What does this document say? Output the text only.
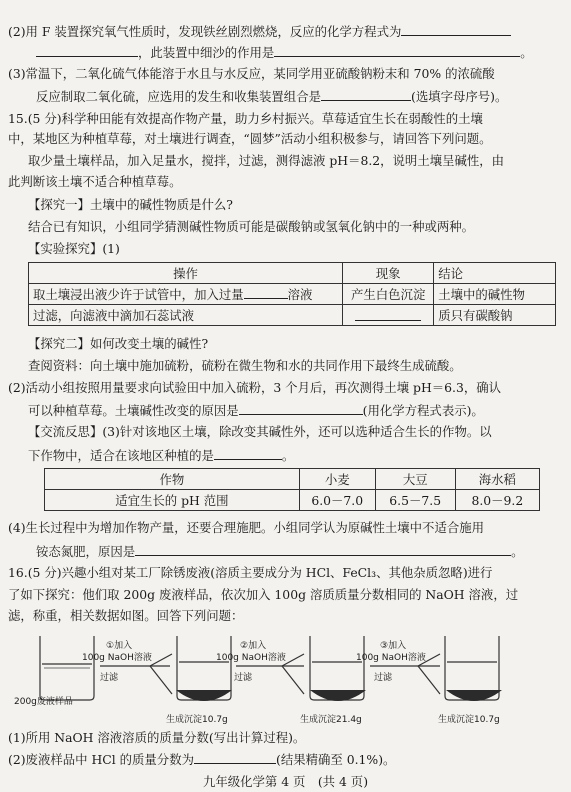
(2)用 F 装置探究氧气性质时，发现铁丝剧烈燃烧，反应的化学方程式为
，此装置中细沙的作用是	。
(3)常温下，二氧化硫气体能溶于水且与水反应，某同学用亚硫酸钠粉末和 70% 的浓硫酸
反应制取二氧化硫，应选用的发生和收集装置组合是	(选填字母序号)。
15.(5 分)科学种田能有效提高作物产量，助力乡村振兴。草莓适宜生长在弱酸性的土壤
中，某地区为种植草莓，对土壤进行调查，“圆梦”活动小组积极参与，请回答下列问题。
取少量土壤样品，加入足量水，搅拌，过滤，测得滤液 pH＝8.2，说明土壤呈碱性，由
此判断该土壤不适合种植草莓。
【探究一】土壤中的碱性物质是什么?
结合已有知识，小组同学猜测碱性物质可能是碳酸钠或氢氧化钠中的一种或两种。
【实验探究】(1)
操作	现象	结论
取土壤浸出液少许于试管中，加入过量 溶液	产生白色沉淀	土壤中的碱性物
过滤，向滤液中滴加石蕊试液		质只有碳酸钠
【探究二】如何改变土壤的碱性?
查阅资料：向土壤中施加硫粉，硫粉在微生物和水的共同作用下最终生成硫酸。
(2)活动小组按照用量要求向试验田中加入硫粉，3 个月后，再次测得土壤 pH＝6.3，确认
可以种植草莓。土壤碱性改变的原因是	(用化学方程式表示)。
【交流反思】(3)针对该地区土壤，除改变其碱性外，还可以选种适合生长的作物。以
下作物中，适合在该地区种植的是	。
作物	小麦	大豆	海水稻
适宜生长的 pH 范围	6.0－7.0	6.5－7.5	8.0－9.2
(4)生长过程中为增加作物产量，还要合理施肥。小组同学认为原碱性土壤中不适合施用
铵态氮肥，原因是	。
16.(5 分)兴趣小组对某工厂除锈废液(溶质主要成分为 HCl、FeCl₃、其他杂质忽略)进行
了如下探究：他们取 200g 废液样品，依次加入 100g 溶质质量分数相同的 NaOH 溶液，过
滤，称重，相关数据如图。回答下列问题：
①加入
100g NaOH溶液
过滤
②加入
100g NaOH溶液
过滤
③加入
100g NaOH溶液
过滤
200g废液样品
生成沉淀10.7g	生成沉淀21.4g	生成沉淀10.7g
(1)所用 NaOH 溶液溶质的质量分数(写出计算过程)。
(2)废液样品中 HCl 的质量分数为	(结果精确至 0.1%)。
九年级化学第 4 页　(共 4 页)
